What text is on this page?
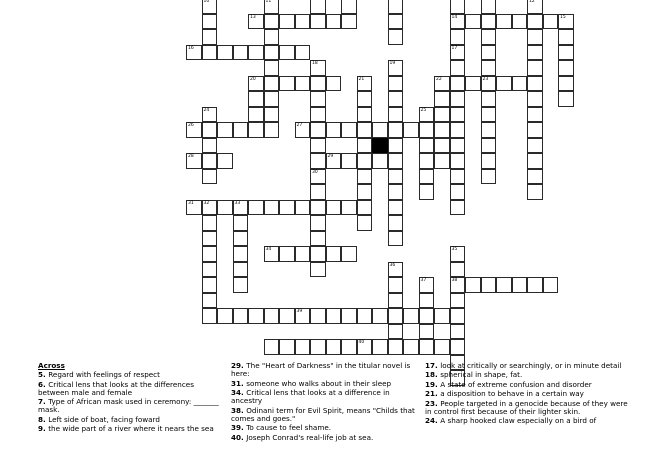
13	14	15
16
20	22	23
26	27
28	29
31 32	33
34
38
39
40
10	11
17
12
18
30
19
21
24	25
35
36
37
Across
5. Regard with feelings of respect
6. Critical lens that looks at the differences between male and female
7. Type of African mask used in ceremony: _______ mask.
8. Left side of boat, facing foward
9. the wide part of a river where it nears the sea
29. The "Heart of Darkness" in the titular novel is here:
31. someone who walks about in their sleep
34. Critical lens that looks at a difference in ancestry
38. Odinani term for Evil Spirit, means "Childs that comes and goes."
39. To cause to feel shame.
40. Joseph Conrad's real-life job at sea.
17. look at critically or searchingly, or in minute detail
18. spherical in shape, fat.
19. A state of extreme confusion and disorder
21. a disposition to behave in a certain way
23. People targeted in a genocide because of they were in control first because of their lighter skin.
24. A sharp hooked claw especially on a bird of
